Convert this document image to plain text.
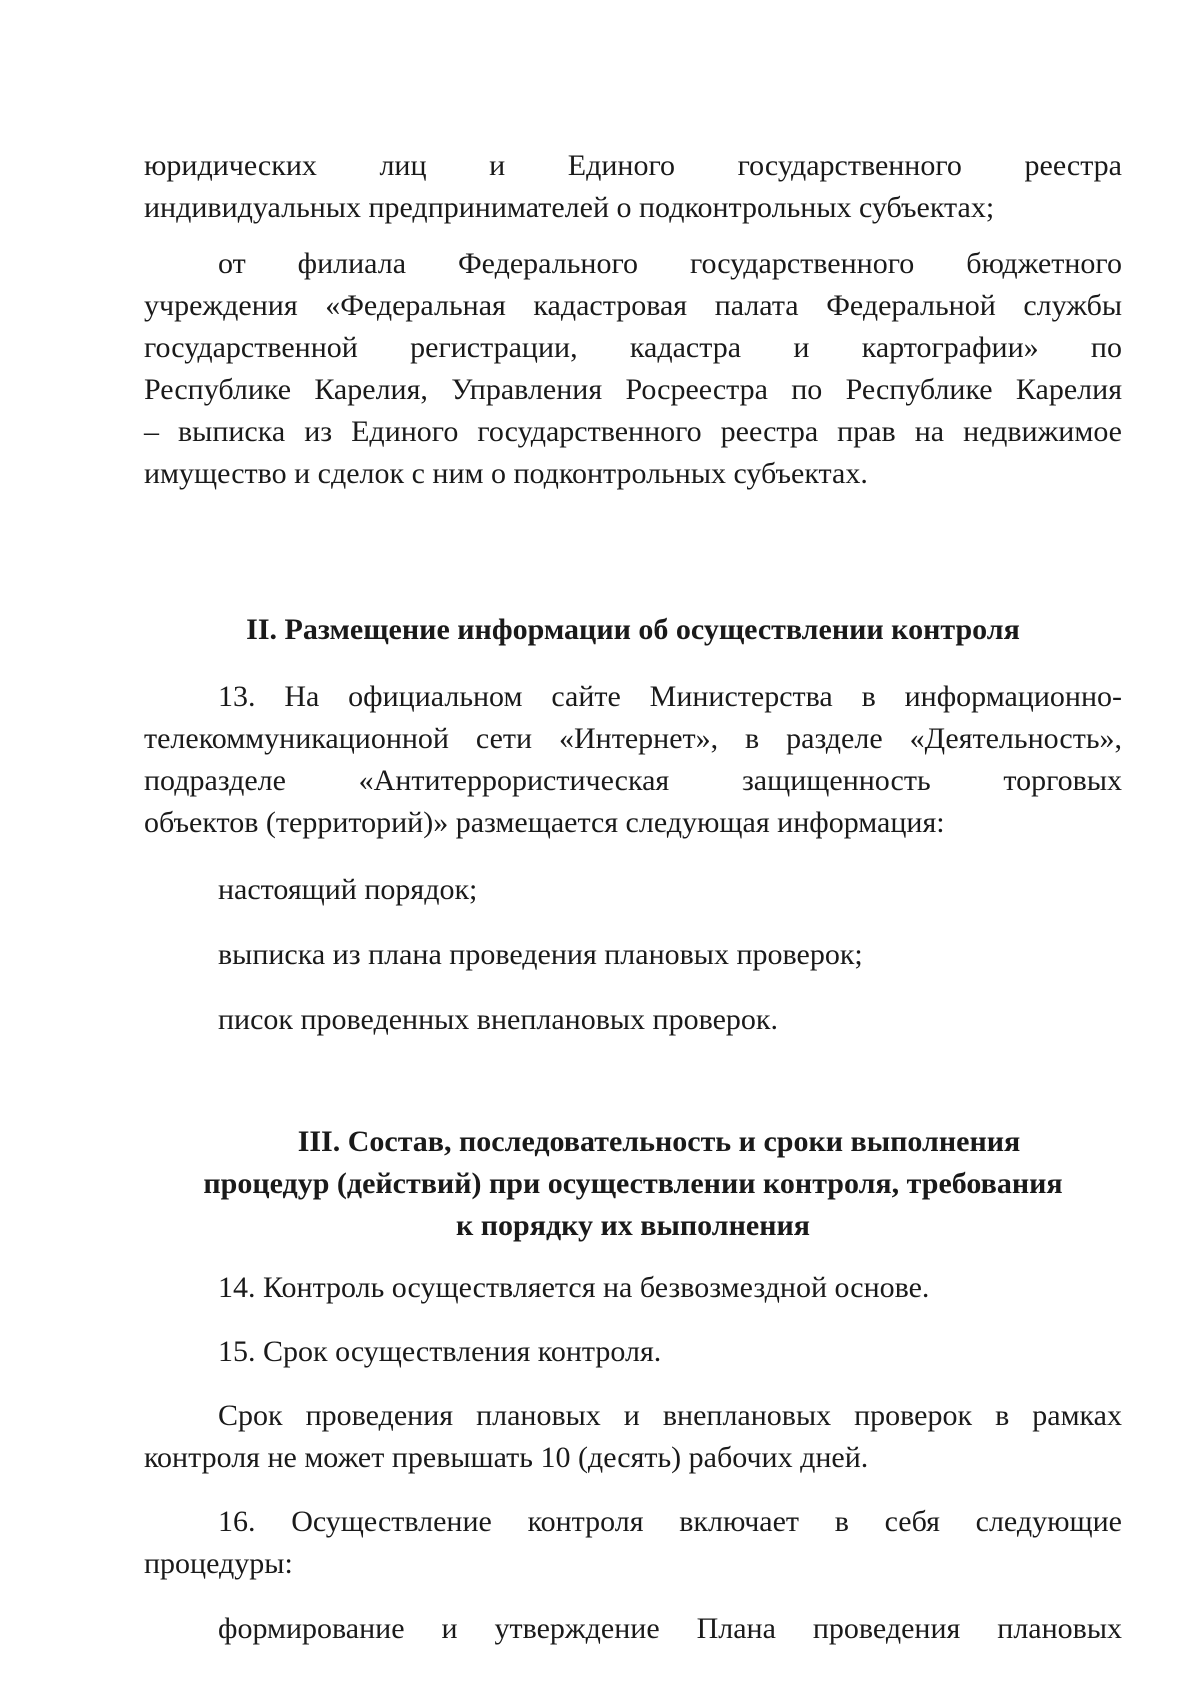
юридических лиц и Единого государственного реестра
индивидуальных предпринимателей о подконтрольных субъектах;
от филиала Федерального государственного бюджетного
учреждения «Федеральная кадастровая палата Федеральной службы
государственной регистрации, кадастра и картографии» по
Республике Карелия, Управления Росреестра по Республике Карелия
– выписка из Единого государственного реестра прав на недвижимое
имущество и сделок с ним о подконтрольных субъектах.
II. Размещение информации об осуществлении контроля
13. На официальном сайте Министерства в информационно-
телекоммуникационной сети «Интернет», в разделе «Деятельность»,
подразделе «Антитеррористическая защищенность торговых
объектов (территорий)» размещается следующая информация:
настоящий порядок;
выписка из плана проведения плановых проверок;
писок проведенных внеплановых проверок.
III. Состав, последовательность и сроки выполнения
процедур (действий) при осуществлении контроля, требования
к порядку их выполнения
14. Контроль осуществляется на безвозмездной основе.
15. Срок осуществления контроля.
Срок проведения плановых и внеплановых проверок в рамках
контроля не может превышать 10 (десять) рабочих дней.
16. Осуществление контроля включает в себя следующие
процедуры:
формирование и утверждение Плана проведения плановых
